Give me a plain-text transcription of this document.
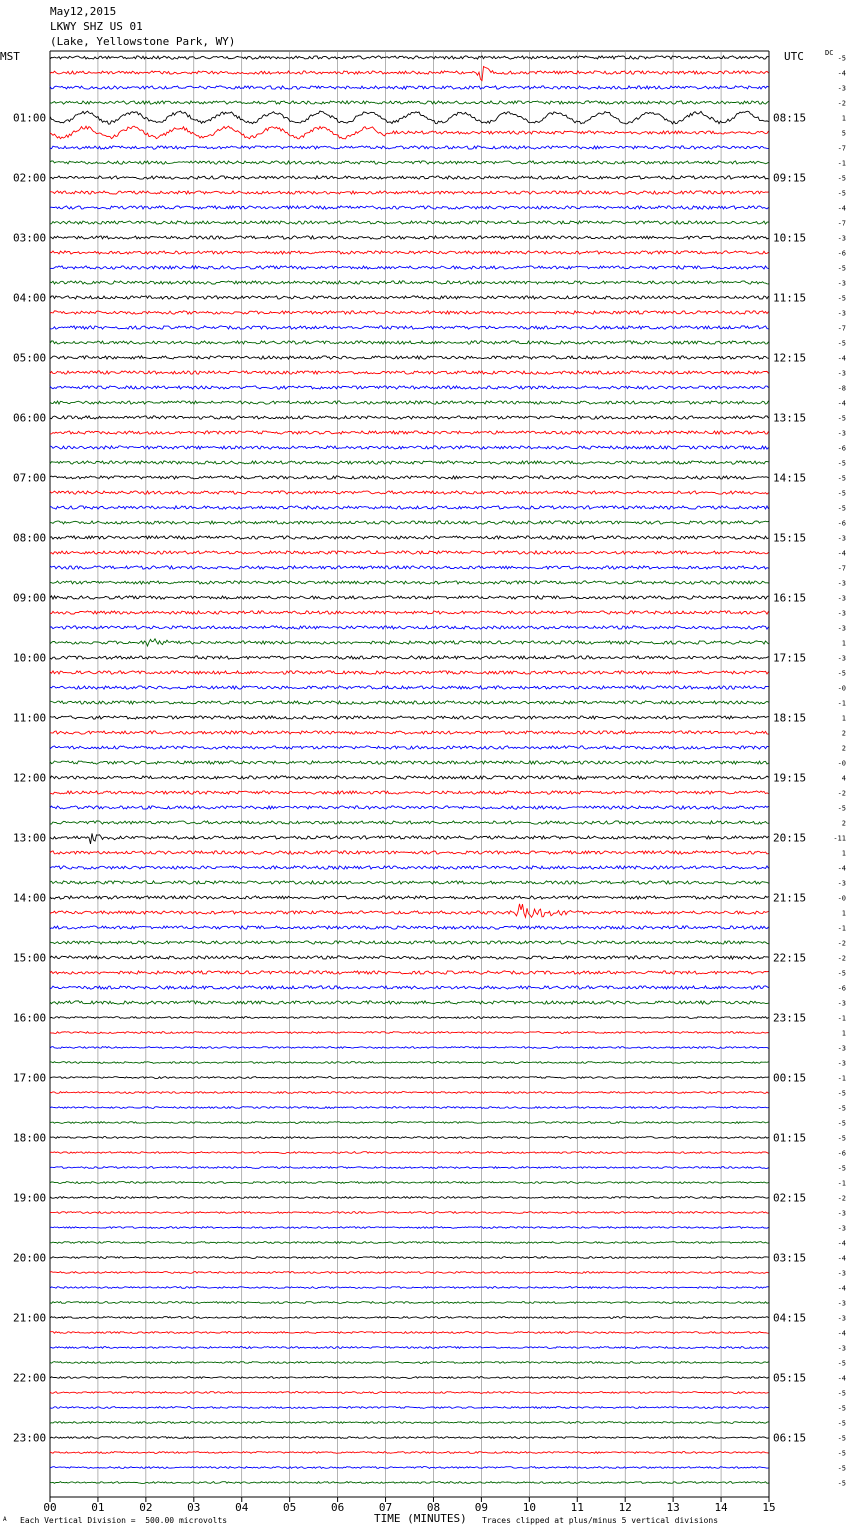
May12,2015
LKWY SHZ US 01
(Lake, Yellowstone Park, WY)
MST	UTC	DC
00	01	02	03	04	05	06	07	08	09	10	11	12	13	14	15
-5
-4
-3
-2
1
5
-7
-1
-5
-5
-4
-7
-3
-6
-5
-3
-5
-3
-7
-5
-4
-3
-8
-4
-5
-3
-6
-5
-5
-5
-5
-6
-3
-4
-7
-3
-3
-3
-3
1
-3
-5
-0
-1
1
2
2
-0
4
-2
-5
2
-11
1
-4
-3
-0
1
-1
-2
-2
-5
-6
-3
-1
1
-3
-3
-1
-5
-5
-5
-5
-6
-5
-1
-2
-3
-3
-4
-4
-3
-4
-3
-3
-4
-3
-5
-4
-5
-5
-5
-5
-5
-5
-5
01:00
02:00
03:00
04:00
05:00
06:00
07:00
08:00
09:00
10:00
11:00
12:00
13:00
14:00
15:00
16:00
17:00
18:00
19:00
20:00
21:00
22:00
23:00
08:15
09:15
10:15
11:15
12:15
13:15
14:15
15:15
16:15
17:15
18:15
19:15
20:15
21:15
22:15
23:15
00:15
01:15
02:15
03:15
04:15
05:15
06:15
TIME (MINUTES)
Each Vertical Division =  500.00 microvolts	Traces clipped at plus/minus 5 vertical divisions
A
